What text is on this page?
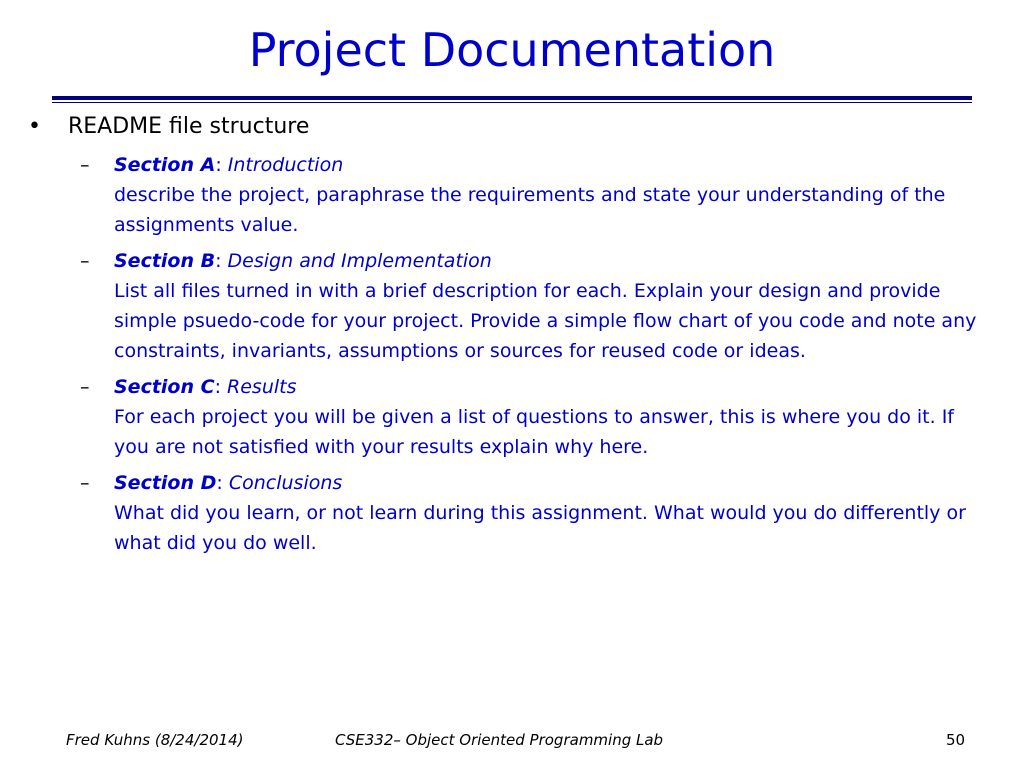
Project Documentation
• README file structure
– Section A: Introduction
describe the project, paraphrase the requirements and state your understanding of the assignments value.
– Section B: Design and Implementation
List all files turned in with a brief description for each. Explain your design and provide simple psuedo-code for your project. Provide a simple flow chart of you code and note any constraints, invariants, assumptions or sources for reused code or ideas.
– Section C: Results
For each project you will be given a list of questions to answer, this is where you do it. If you are not satisfied with your results explain why here.
– Section D: Conclusions
What did you learn, or not learn during this assignment. What would you do differently or what did you do well.
Fred Kuhns (8/24/2014)	CSE332– Object Oriented Programming Lab	50
